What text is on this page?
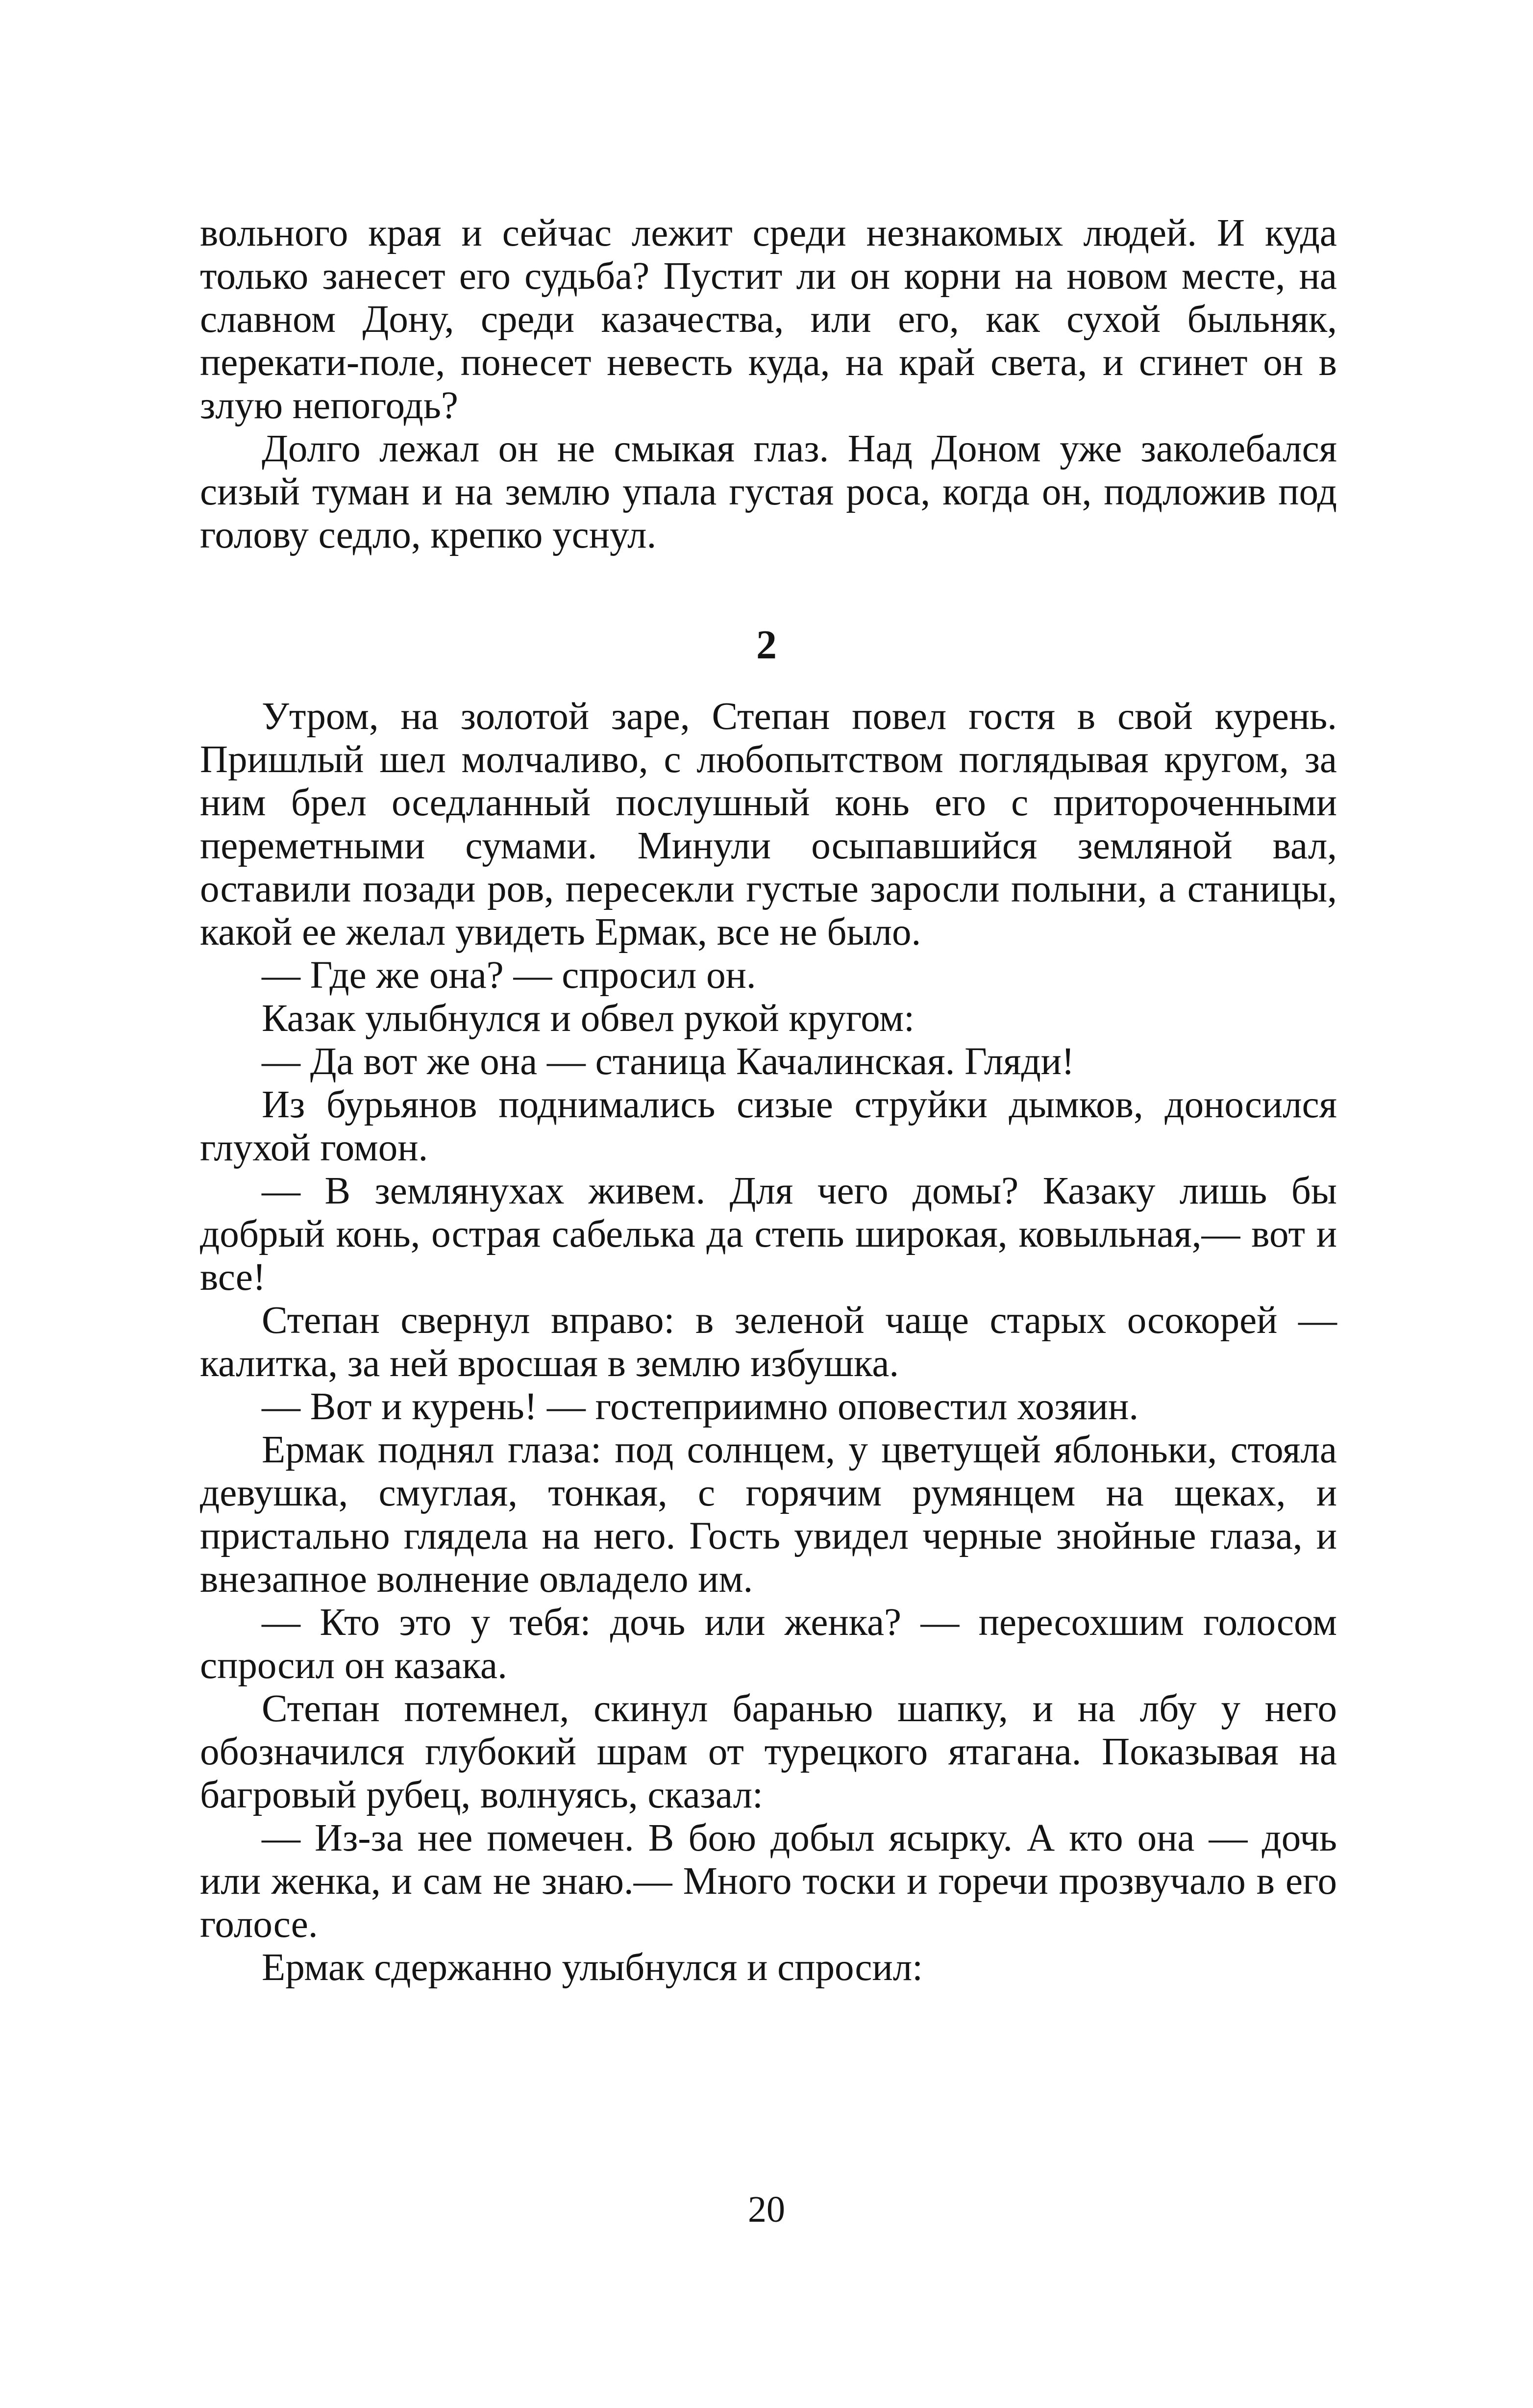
вольного края и сейчас лежит среди незнакомых людей. И куда только занесет его судьба? Пустит ли он корни на новом месте, на славном Дону, среди казачества, или его, как сухой быльняк, перекати-поле, понесет невесть куда, на край света, и сгинет он в злую непогодь?

Долго лежал он не смыкая глаз. Над Доном уже заколебался сизый туман и на землю упала густая роса, когда он, подложив под голову седло, крепко уснул.

2

Утром, на золотой заре, Степан повел гостя в свой курень. Пришлый шел молчаливо, с любопытством поглядывая кругом, за ним брел оседланный послушный конь его с притороченными переметными сумами. Минули осыпавшийся земляной вал, оставили позади ров, пересекли густые заросли полыни, а станицы, какой ее желал увидеть Ермак, все не было.

— Где же она? — спросил он.

Казак улыбнулся и обвел рукой кругом:

— Да вот же она — станица Качалинская. Гляди!

Из бурьянов поднимались сизые струйки дымков, доносился глухой гомон.

— В землянухах живем. Для чего домы? Казаку лишь бы добрый конь, острая сабелька да степь широкая, ковыльная,— вот и все!

Степан свернул вправо: в зеленой чаще старых осокорей — калитка, за ней вросшая в землю избушка.

— Вот и курень! — гостеприимно оповестил хозяин.

Ермак поднял глаза: под солнцем, у цветущей яблоньки, стояла девушка, смуглая, тонкая, с горячим румянцем на щеках, и пристально глядела на него. Гость увидел черные знойные глаза, и внезапное волнение овладело им.

— Кто это у тебя: дочь или женка? — пересохшим голосом спросил он казака.

Степан потемнел, скинул баранью шапку, и на лбу у него обозначился глубокий шрам от турецкого ятагана. Показывая на багровый рубец, волнуясь, сказал:

— Из-за нее помечен. В бою добыл ясырку. А кто она — дочь или женка, и сам не знаю.— Много тоски и горечи прозвучало в его голосе.

Ермак сдержанно улыбнулся и спросил:

20
